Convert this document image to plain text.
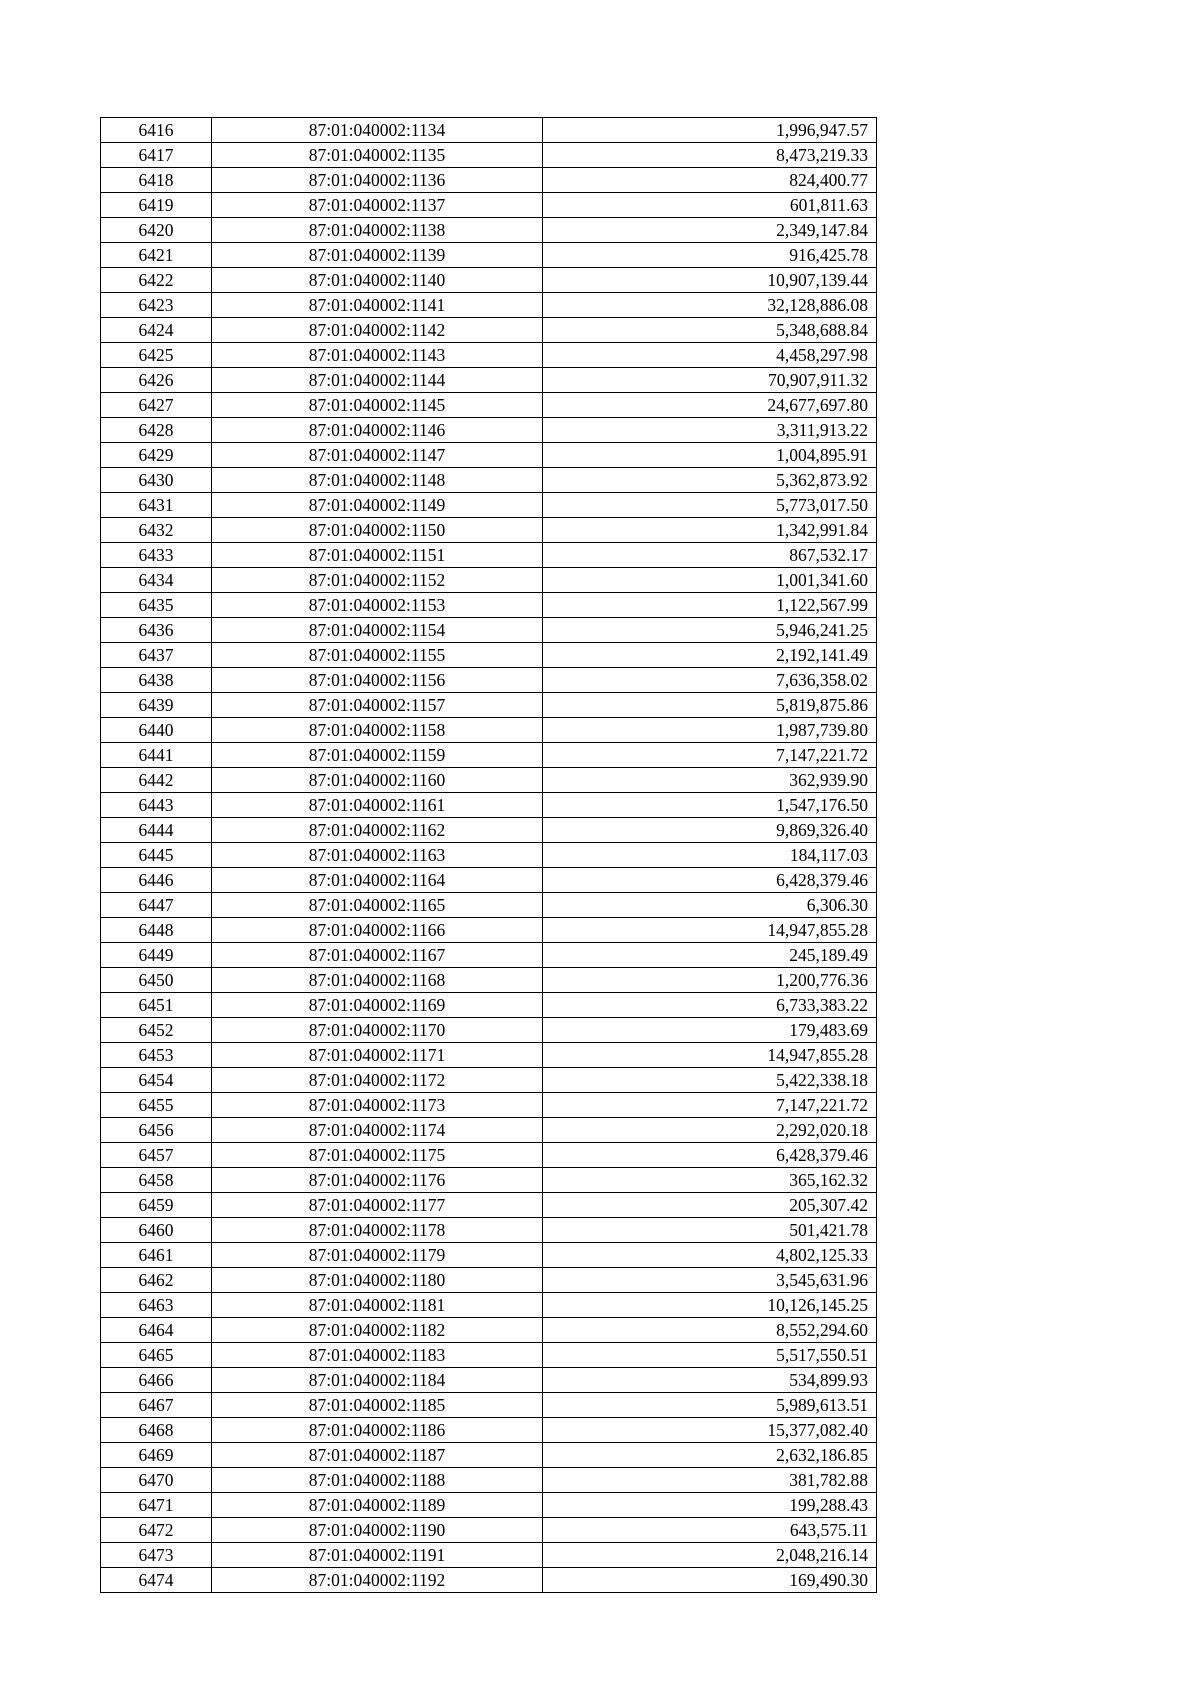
6416	87:01:040002:1134	1,996,947.57
6417	87:01:040002:1135	8,473,219.33
6418	87:01:040002:1136	824,400.77
6419	87:01:040002:1137	601,811.63
6420	87:01:040002:1138	2,349,147.84
6421	87:01:040002:1139	916,425.78
6422	87:01:040002:1140	10,907,139.44
6423	87:01:040002:1141	32,128,886.08
6424	87:01:040002:1142	5,348,688.84
6425	87:01:040002:1143	4,458,297.98
6426	87:01:040002:1144	70,907,911.32
6427	87:01:040002:1145	24,677,697.80
6428	87:01:040002:1146	3,311,913.22
6429	87:01:040002:1147	1,004,895.91
6430	87:01:040002:1148	5,362,873.92
6431	87:01:040002:1149	5,773,017.50
6432	87:01:040002:1150	1,342,991.84
6433	87:01:040002:1151	867,532.17
6434	87:01:040002:1152	1,001,341.60
6435	87:01:040002:1153	1,122,567.99
6436	87:01:040002:1154	5,946,241.25
6437	87:01:040002:1155	2,192,141.49
6438	87:01:040002:1156	7,636,358.02
6439	87:01:040002:1157	5,819,875.86
6440	87:01:040002:1158	1,987,739.80
6441	87:01:040002:1159	7,147,221.72
6442	87:01:040002:1160	362,939.90
6443	87:01:040002:1161	1,547,176.50
6444	87:01:040002:1162	9,869,326.40
6445	87:01:040002:1163	184,117.03
6446	87:01:040002:1164	6,428,379.46
6447	87:01:040002:1165	6,306.30
6448	87:01:040002:1166	14,947,855.28
6449	87:01:040002:1167	245,189.49
6450	87:01:040002:1168	1,200,776.36
6451	87:01:040002:1169	6,733,383.22
6452	87:01:040002:1170	179,483.69
6453	87:01:040002:1171	14,947,855.28
6454	87:01:040002:1172	5,422,338.18
6455	87:01:040002:1173	7,147,221.72
6456	87:01:040002:1174	2,292,020.18
6457	87:01:040002:1175	6,428,379.46
6458	87:01:040002:1176	365,162.32
6459	87:01:040002:1177	205,307.42
6460	87:01:040002:1178	501,421.78
6461	87:01:040002:1179	4,802,125.33
6462	87:01:040002:1180	3,545,631.96
6463	87:01:040002:1181	10,126,145.25
6464	87:01:040002:1182	8,552,294.60
6465	87:01:040002:1183	5,517,550.51
6466	87:01:040002:1184	534,899.93
6467	87:01:040002:1185	5,989,613.51
6468	87:01:040002:1186	15,377,082.40
6469	87:01:040002:1187	2,632,186.85
6470	87:01:040002:1188	381,782.88
6471	87:01:040002:1189	199,288.43
6472	87:01:040002:1190	643,575.11
6473	87:01:040002:1191	2,048,216.14
6474	87:01:040002:1192	169,490.30
